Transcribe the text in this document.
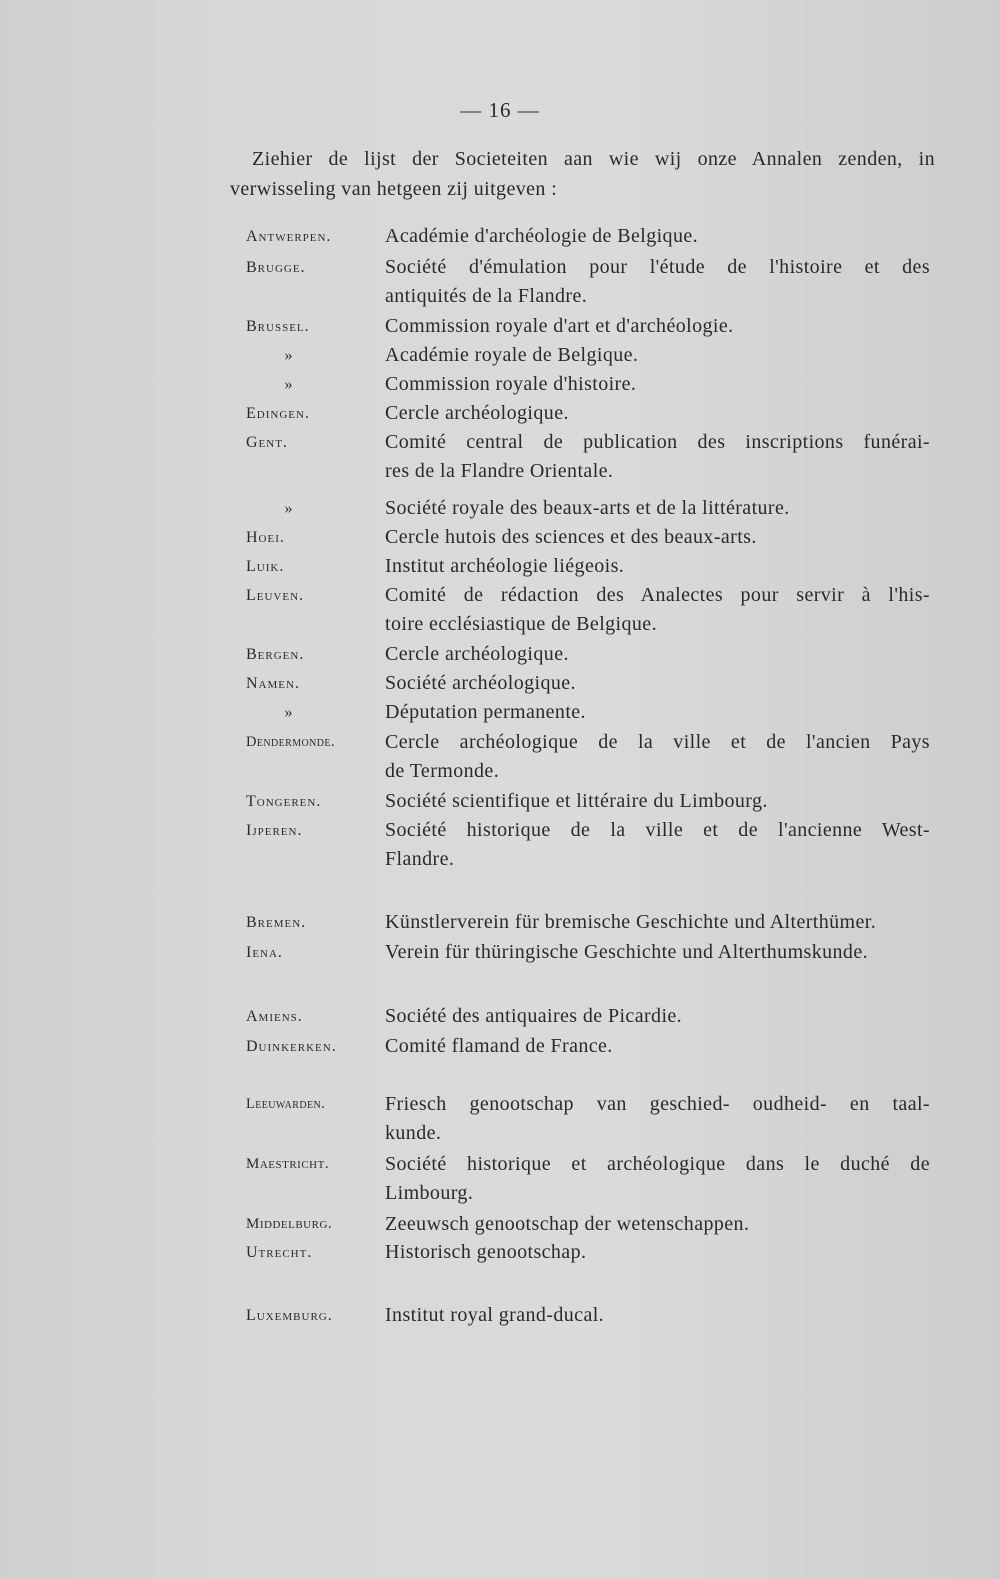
— 16 —
Ziehier de lijst der Societeiten aan wie wij onze Annalen zenden, in
verwisseling van hetgeen zij uitgeven :
Antwerpen.	Académie d'archéologie de Belgique.
Brugge.	Société d'émulation pour l'étude de l'histoire et des
antiquités de la Flandre.
Brussel.	Commission royale d'art et d'archéologie.
»	Académie royale de Belgique.
»	Commission royale d'histoire.
Edingen.	Cercle archéologique.
Gent.	Comité central de publication des inscriptions funérai-
res de la Flandre Orientale.
»	Société royale des beaux-arts et de la littérature.
Hoei.	Cercle hutois des sciences et des beaux-arts.
Luik.	Institut archéologie liégeois.
Leuven.	Comité de rédaction des Analectes pour servir à l'his-
toire ecclésiastique de Belgique.
Bergen.	Cercle archéologique.
Namen.	Société archéologique.
»	Députation permanente.
Dendermonde.	Cercle archéologique de la ville et de l'ancien Pays
de Termonde.
Tongeren.	Société scientifique et littéraire du Limbourg.
Ijperen.	Société historique de la ville et de l'ancienne West-
Flandre.
Bremen.	Künstlerverein für bremische Geschichte und Alterthümer.
Iena.	Verein für thüringische Geschichte und Alterthumskunde.
Amiens.	Société des antiquaires de Picardie.
Duinkerken.	Comité flamand de France.
Leeuwarden.	Friesch genootschap van geschied- oudheid- en taal-
kunde.
Maestricht.	Société historique et archéologique dans le duché de
Limbourg.
Middelburg.	Zeeuwsch genootschap der wetenschappen.
Utrecht.	Historisch genootschap.
Luxemburg.	Institut royal grand-ducal.
